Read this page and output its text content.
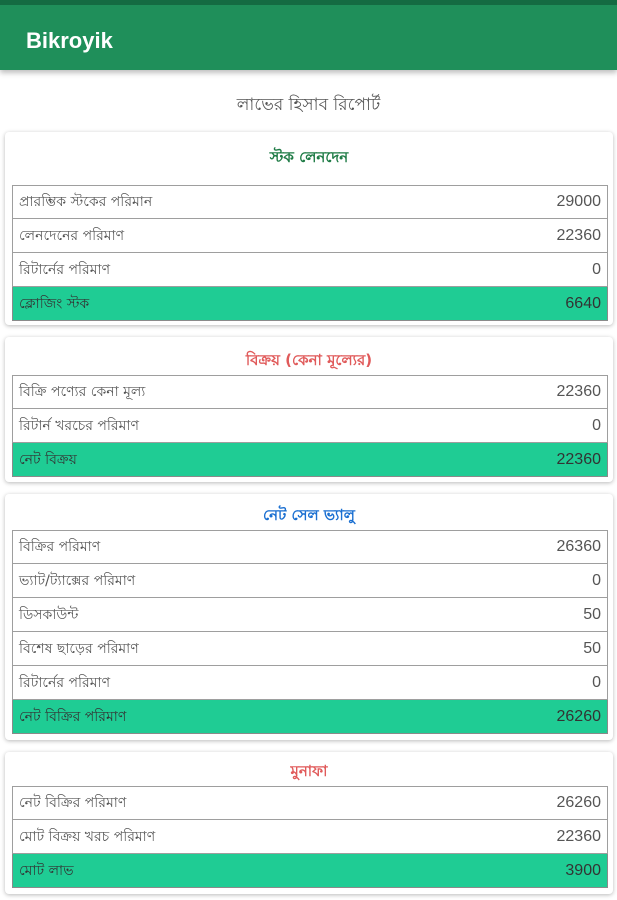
Bikroyik
লাভের হিসাব রিপোর্ট
স্টক লেনদেন
প্রারম্ভিক স্টকের পরিমান	29000
লেনদেনের পরিমাণ	22360
রিটার্নের পরিমাণ	0
ক্লোজিং স্টক	6640
বিক্রয় (কেনা মূল্যের)
বিক্রি পণ্যের কেনা মূল্য	22360
রিটার্ন খরচের পরিমাণ	0
নেট বিক্রয়	22360
নেট সেল ভ্যালু
বিক্রির পরিমাণ	26360
ভ্যাট/ট্যাক্সের পরিমাণ	0
ডিসকাউন্ট	50
বিশেষ ছাড়ের পরিমাণ	50
রিটার্নের পরিমাণ	0
নেট বিক্রির পরিমাণ	26260
মুনাফা
নেট বিক্রির পরিমাণ	26260
মোট বিক্রয় খরচ পরিমাণ	22360
মোট লাভ	3900
